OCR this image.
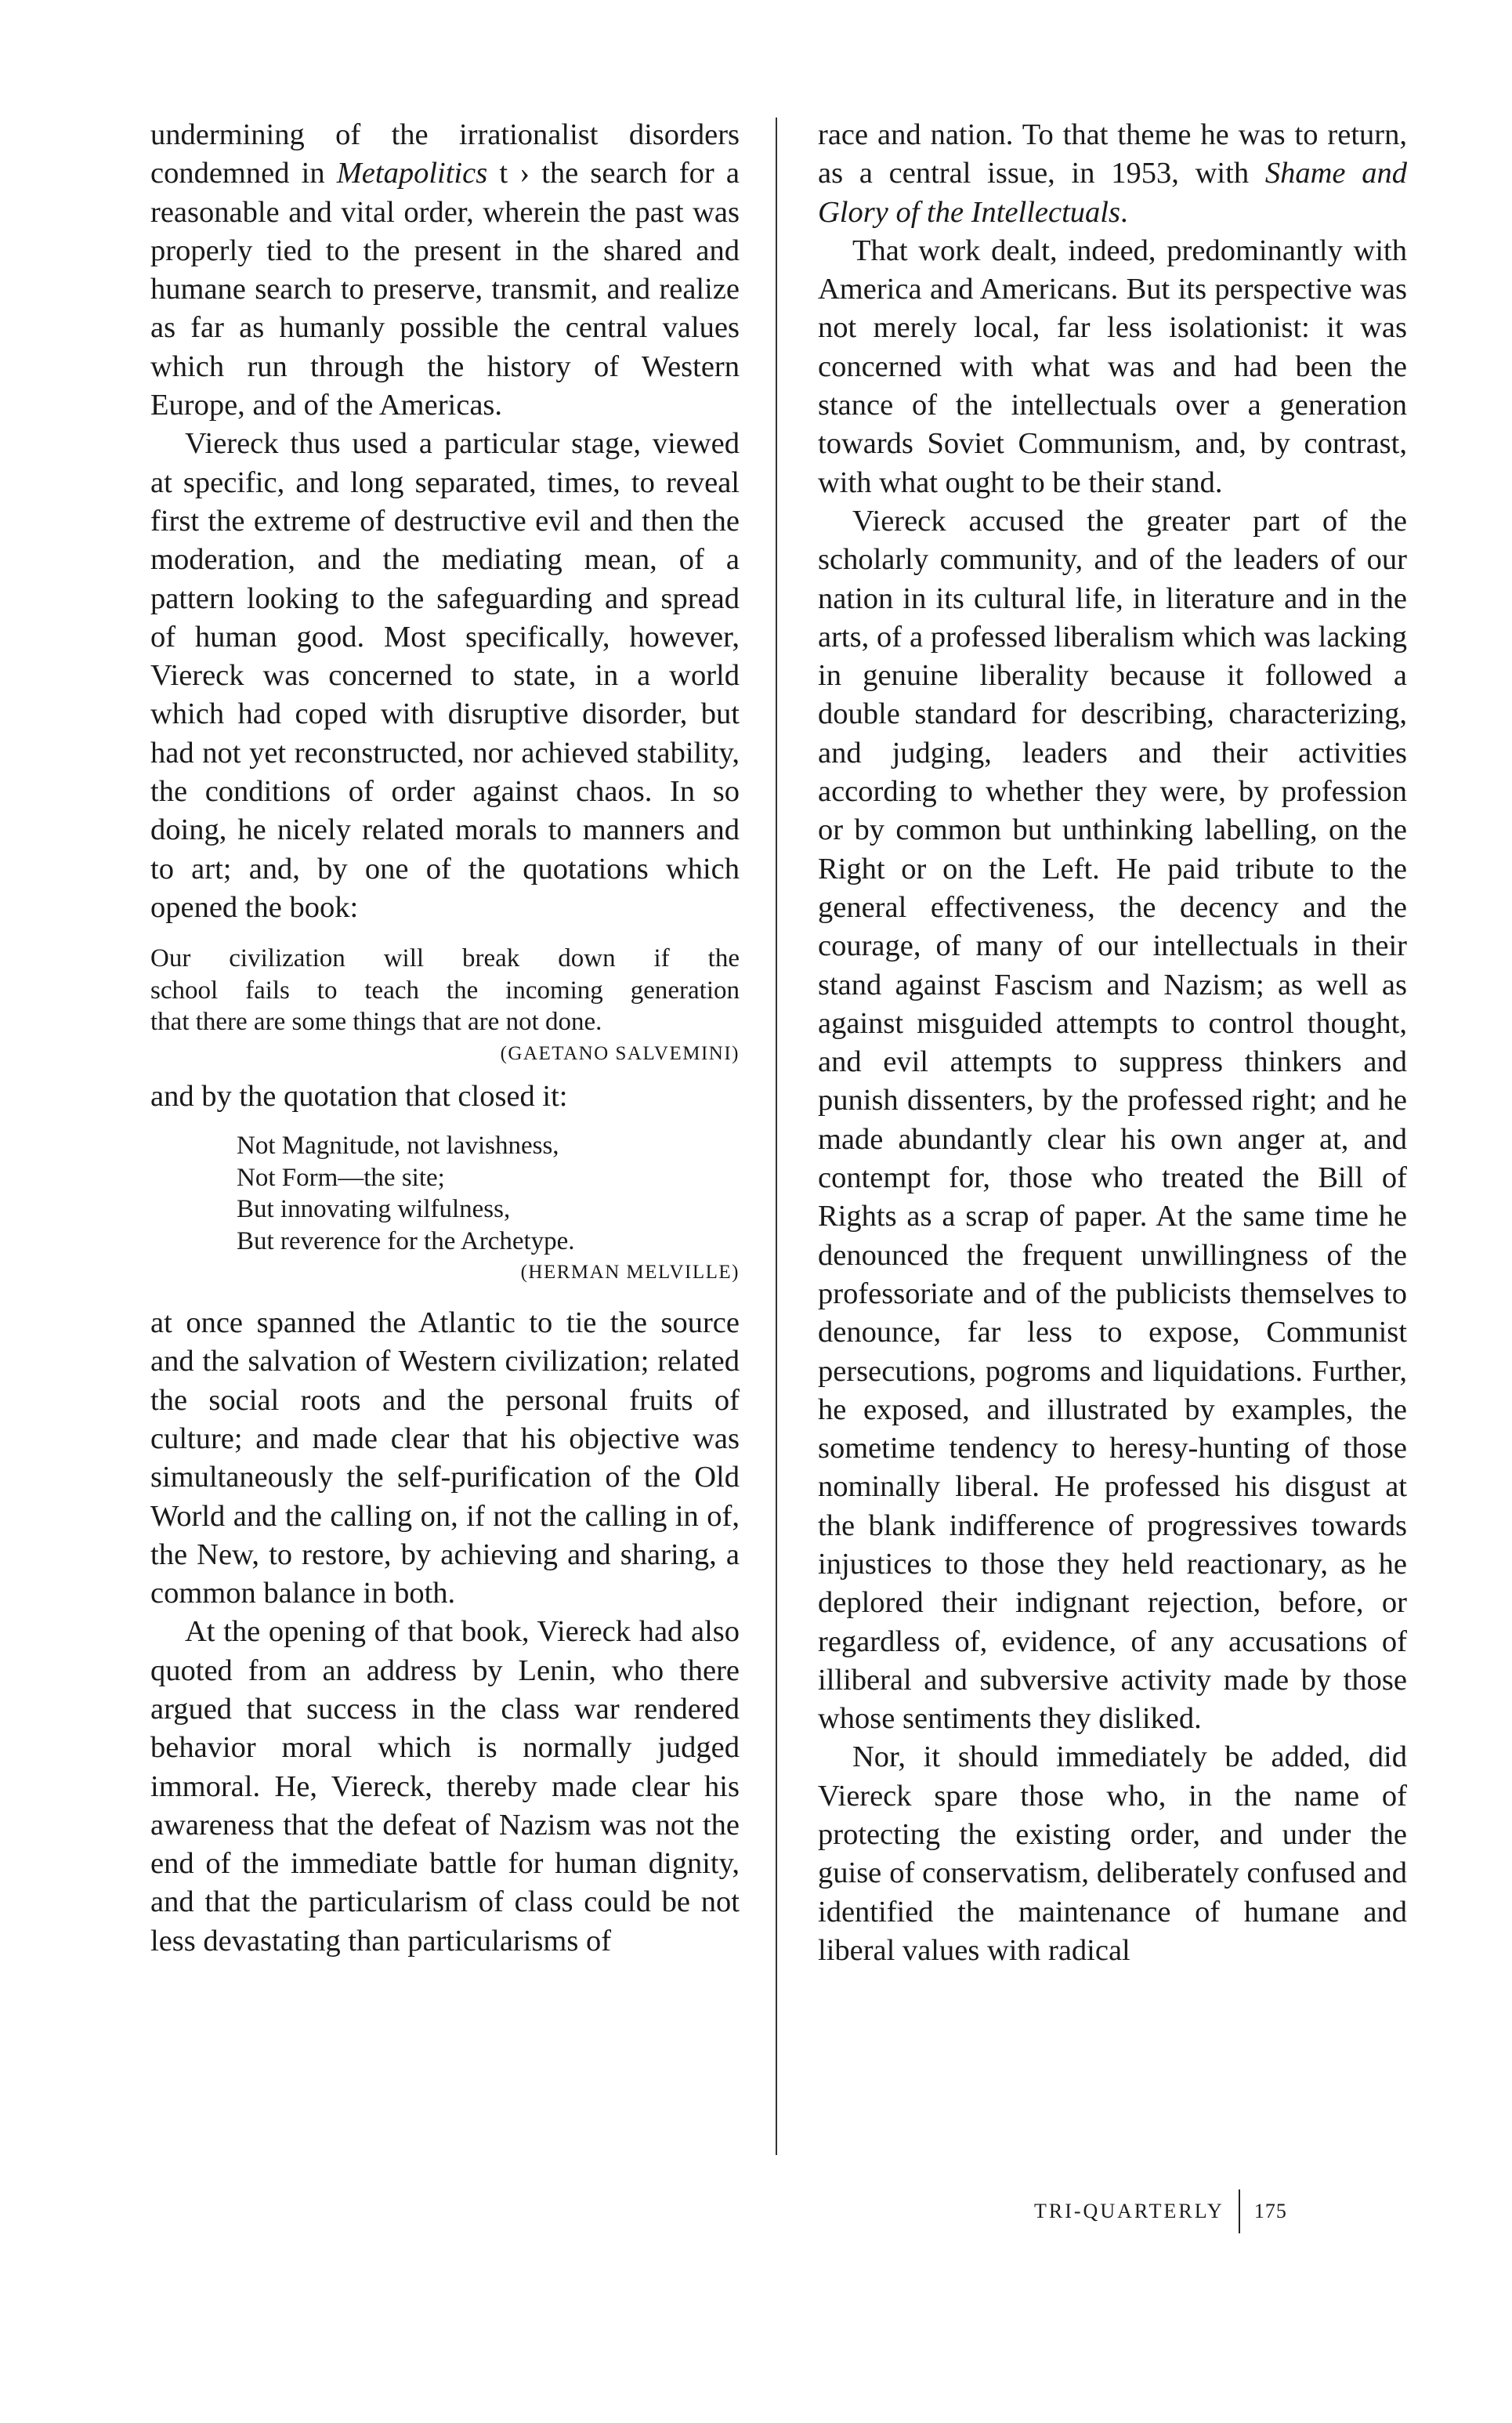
undermining of the irrationalist disorders condemned in Metapolitics t › the search for a reasonable and vital order, wherein the past was properly tied to the present in the shared and humane search to preserve, transmit, and realize as far as humanly possible the central values which run through the history of Western Europe, and of the Americas.

Viereck thus used a particular stage, viewed at specific, and long separated, times, to reveal first the extreme of destructive evil and then the moderation, and the mediating mean, of a pattern looking to the safeguarding and spread of human good. Most specifically, however, Viereck was concerned to state, in a world which had coped with disruptive disorder, but had not yet reconstructed, nor achieved stability, the conditions of order against chaos. In so doing, he nicely related morals to manners and to art; and, by one of the quotations which opened the book:

Our civilization will break down if the
school fails to teach the incoming generation
that there are some things that are not done.
(GAETANO SALVEMINI)

and by the quotation that closed it:

Not Magnitude, not lavishness,
Not Form—the site;
But innovating wilfulness,
But reverence for the Archetype.
(HERMAN MELVILLE)

at once spanned the Atlantic to tie the source and the salvation of Western civilization; related the social roots and the personal fruits of culture; and made clear that his objective was simultaneously the self-purification of the Old World and the calling on, if not the calling in of, the New, to restore, by achieving and sharing, a common balance in both.

At the opening of that book, Viereck had also quoted from an address by Lenin, who there argued that success in the class war rendered behavior moral which is normally judged immoral. He, Viereck, thereby made clear his awareness that the defeat of Nazism was not the end of the immediate battle for human dignity, and that the particularism of class could be not less devastating than particularisms of

race and nation. To that theme he was to return, as a central issue, in 1953, with Shame and Glory of the Intellectuals.

That work dealt, indeed, predominantly with America and Americans. But its perspective was not merely local, far less isolationist: it was concerned with what was and had been the stance of the intellectuals over a generation towards Soviet Communism, and, by contrast, with what ought to be their stand.

Viereck accused the greater part of the scholarly community, and of the leaders of our nation in its cultural life, in literature and in the arts, of a professed liberalism which was lacking in genuine liberality because it followed a double standard for describing, characterizing, and judging, leaders and their activities according to whether they were, by profession or by common but unthinking labelling, on the Right or on the Left. He paid tribute to the general effectiveness, the decency and the courage, of many of our intellectuals in their stand against Fascism and Nazism; as well as against misguided attempts to control thought, and evil attempts to suppress thinkers and punish dissenters, by the professed right; and he made abundantly clear his own anger at, and contempt for, those who treated the Bill of Rights as a scrap of paper. At the same time he denounced the frequent unwillingness of the professoriate and of the publicists themselves to denounce, far less to expose, Communist persecutions, pogroms and liquidations. Further, he exposed, and illustrated by examples, the sometime tendency to heresy-hunting of those nominally liberal. He professed his disgust at the blank indifference of progressives towards injustices to those they held reactionary, as he deplored their indignant rejection, before, or regardless of, evidence, of any accusations of illiberal and subversive activity made by those whose sentiments they disliked.

Nor, it should immediately be added, did Viereck spare those who, in the name of protecting the existing order, and under the guise of conservatism, deliberately confused and identified the maintenance of humane and liberal values with radical

TRI-QUARTERLY	175
